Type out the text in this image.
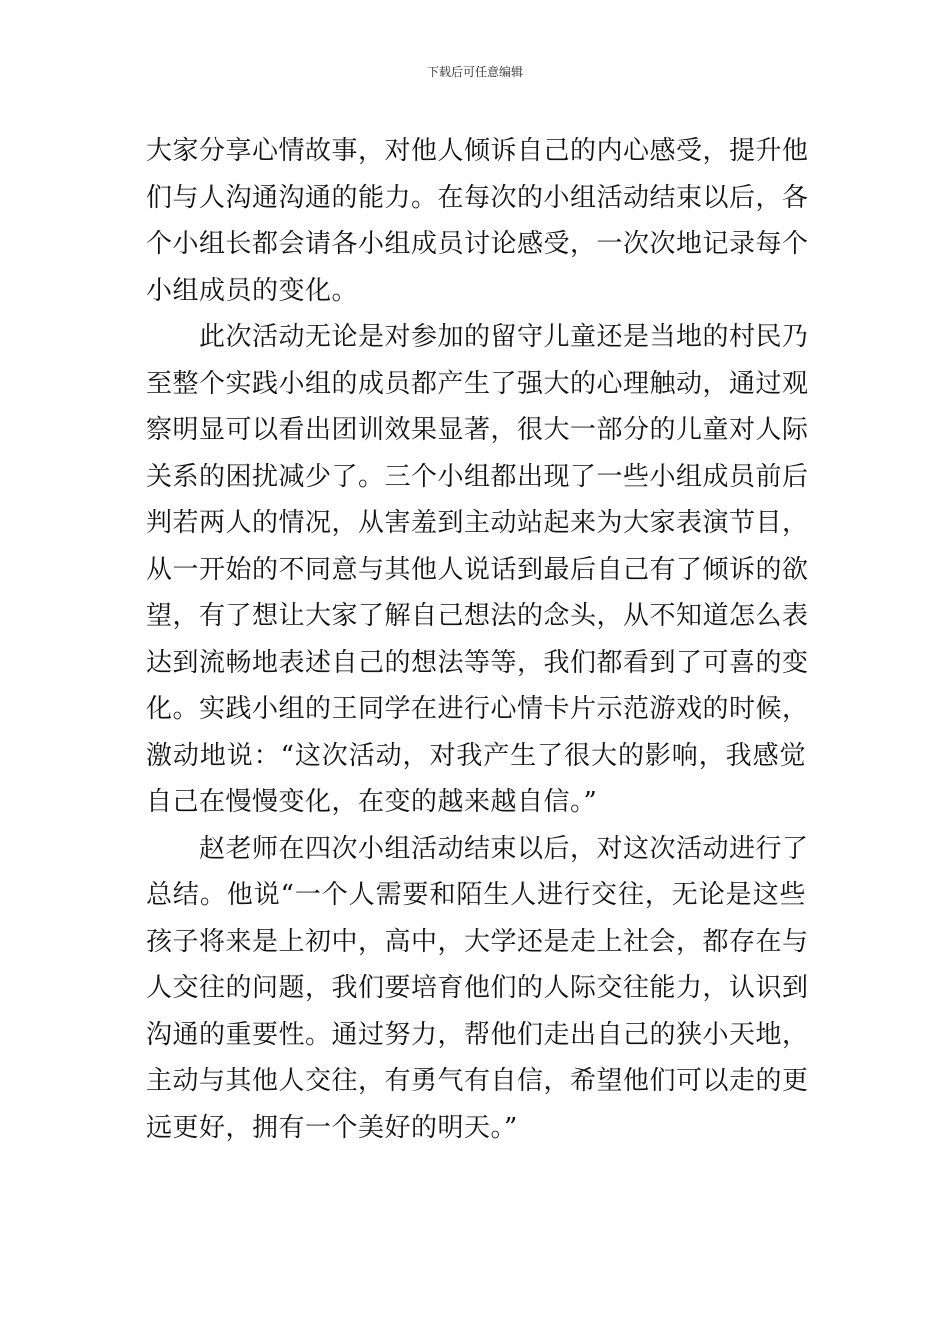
下载后可任意编辑
大家分享心情故事，对他人倾诉自己的内心感受，提升他
们与人沟通沟通的能力。在每次的小组活动结束以后，各
个小组长都会请各小组成员讨论感受，一次次地记录每个
小组成员的变化。
此次活动无论是对参加的留守儿童还是当地的村民乃
至整个实践小组的成员都产生了强大的心理触动，通过观
察明显可以看出团训效果显著，很大一部分的儿童对人际
关系的困扰减少了。三个小组都出现了一些小组成员前后
判若两人的情况，从害羞到主动站起来为大家表演节目，
从一开始的不同意与其他人说话到最后自己有了倾诉的欲
望，有了想让大家了解自己想法的念头，从不知道怎么表
达到流畅地表述自己的想法等等，我们都看到了可喜的变
化。实践小组的王同学在进行心情卡片示范游戏的时候，
激动地说：“这次活动，对我产生了很大的影响，我感觉
自己在慢慢变化，在变的越来越自信。”
赵老师在四次小组活动结束以后，对这次活动进行了
总结。他说“一个人需要和陌生人进行交往，无论是这些
孩子将来是上初中，高中，大学还是走上社会，都存在与
人交往的问题，我们要培育他们的人际交往能力，认识到
沟通的重要性。通过努力，帮他们走出自己的狭小天地，
主动与其他人交往，有勇气有自信，希望他们可以走的更
远更好，拥有一个美好的明天。”
